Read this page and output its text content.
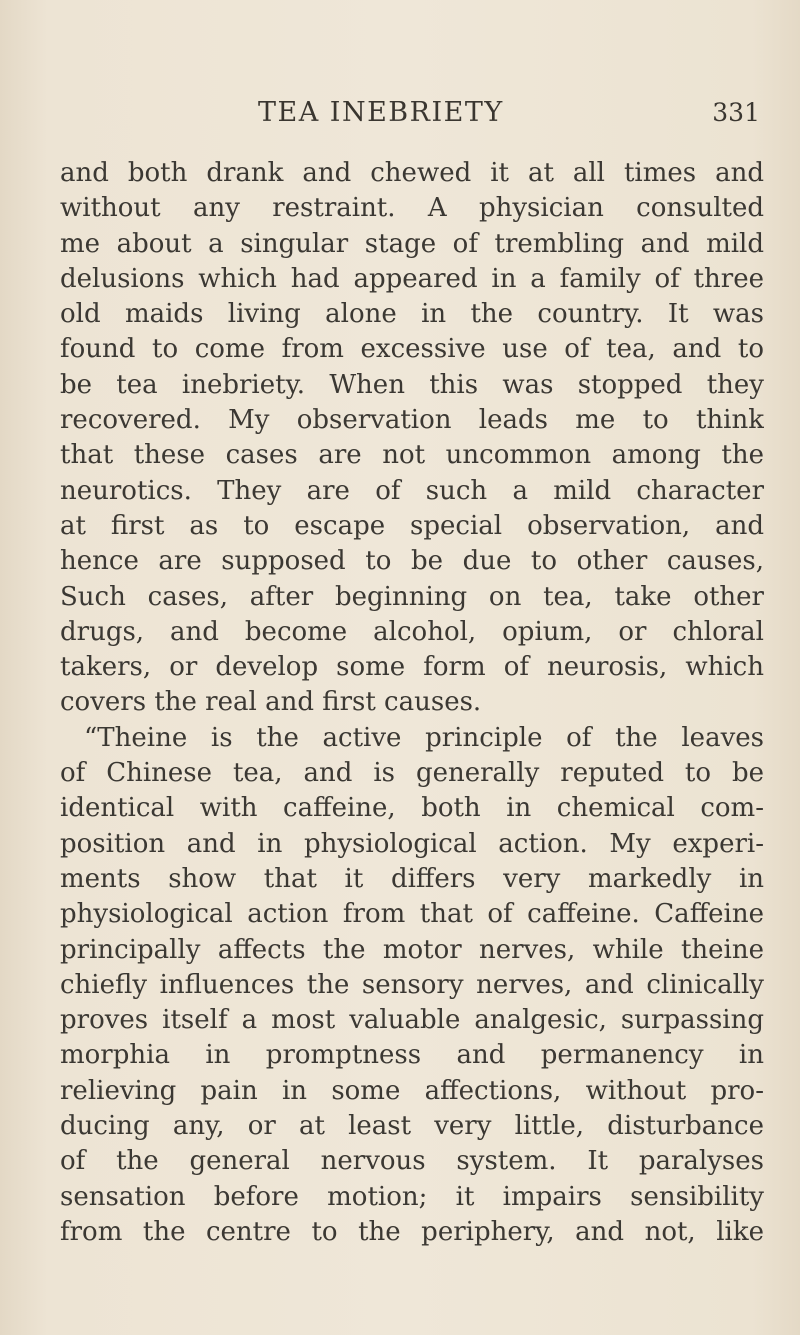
TEA INEBRIETY	331
and both drank and chewed it at all times and
without any restraint. A physician consulted
me about a singular stage of trembling and mild
delusions which had appeared in a family of three
old maids living alone in the country. It was
found to come from excessive use of tea, and to
be tea inebriety. When this was stopped they
recovered. My observation leads me to think
that these cases are not uncommon among the
neurotics. They are of such a mild character
at first as to escape special observation, and
hence are supposed to be due to other causes,
Such cases, after beginning on tea, take other
drugs, and become alcohol, opium, or chloral
takers, or develop some form of neurosis, which
covers the real and first causes.
“Theine is the active principle of the leaves
of Chinese tea, and is generally reputed to be
identical with caffeine, both in chemical com-
position and in physiological action. My experi-
ments show that it differs very markedly in
physiological action from that of caffeine. Caffeine
principally affects the motor nerves, while theine
chiefly influences the sensory nerves, and clinically
proves itself a most valuable analgesic, surpassing
morphia in promptness and permanency in
relieving pain in some affections, without pro-
ducing any, or at least very little, disturbance
of the general nervous system. It paralyses
sensation before motion; it impairs sensibility
from the centre to the periphery, and not, like
